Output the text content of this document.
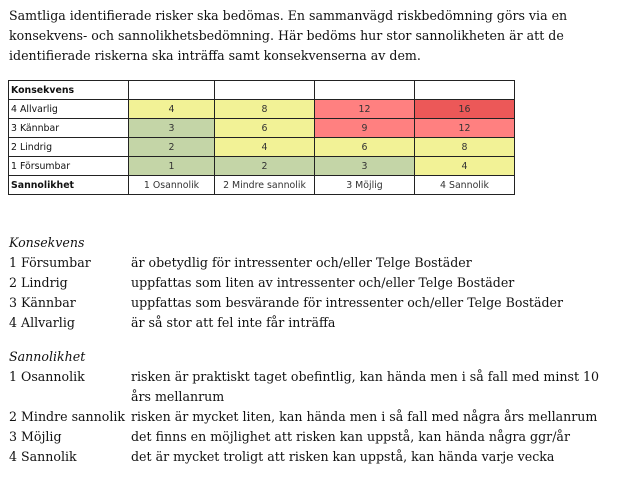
Samtliga identifierade risker ska bedömas. En sammanvägd riskbedömning görs via en
konsekvens- och sannolikhetsbedömning. Här bedöms hur stor sannolikheten är att de
identifierade riskerna ska inträffa samt konsekvenserna av dem.
Konsekvens				
4 Allvarlig	4	8	12	16
3 Kännbar	3	6	9	12
2 Lindrig	2	4	6	8
1 Försumbar	1	2	3	4
Sannolikhet	1 Osannolik	2 Mindre sannolik	3 Möjlig	4 Sannolik
Konsekvens
1 Försumbar	är obetydlig för intressenter och/eller Telge Bostäder
2 Lindrig	uppfattas som liten av intressenter och/eller Telge Bostäder
3 Kännbar	uppfattas som besvärande för intressenter och/eller Telge Bostäder
4 Allvarlig	är så stor att fel inte får inträffa
Sannolikhet
1 Osannolik	risken är praktiskt taget obefintlig, kan hända men i så fall med minst 10 års mellanrum
2 Mindre sannolik risken är mycket liten, kan hända men i så fall med några års mellanrum
3 Möjlig	det finns en möjlighet att risken kan uppstå, kan hända några ggr/år
4 Sannolik	det är mycket troligt att risken kan uppstå, kan hända varje vecka
